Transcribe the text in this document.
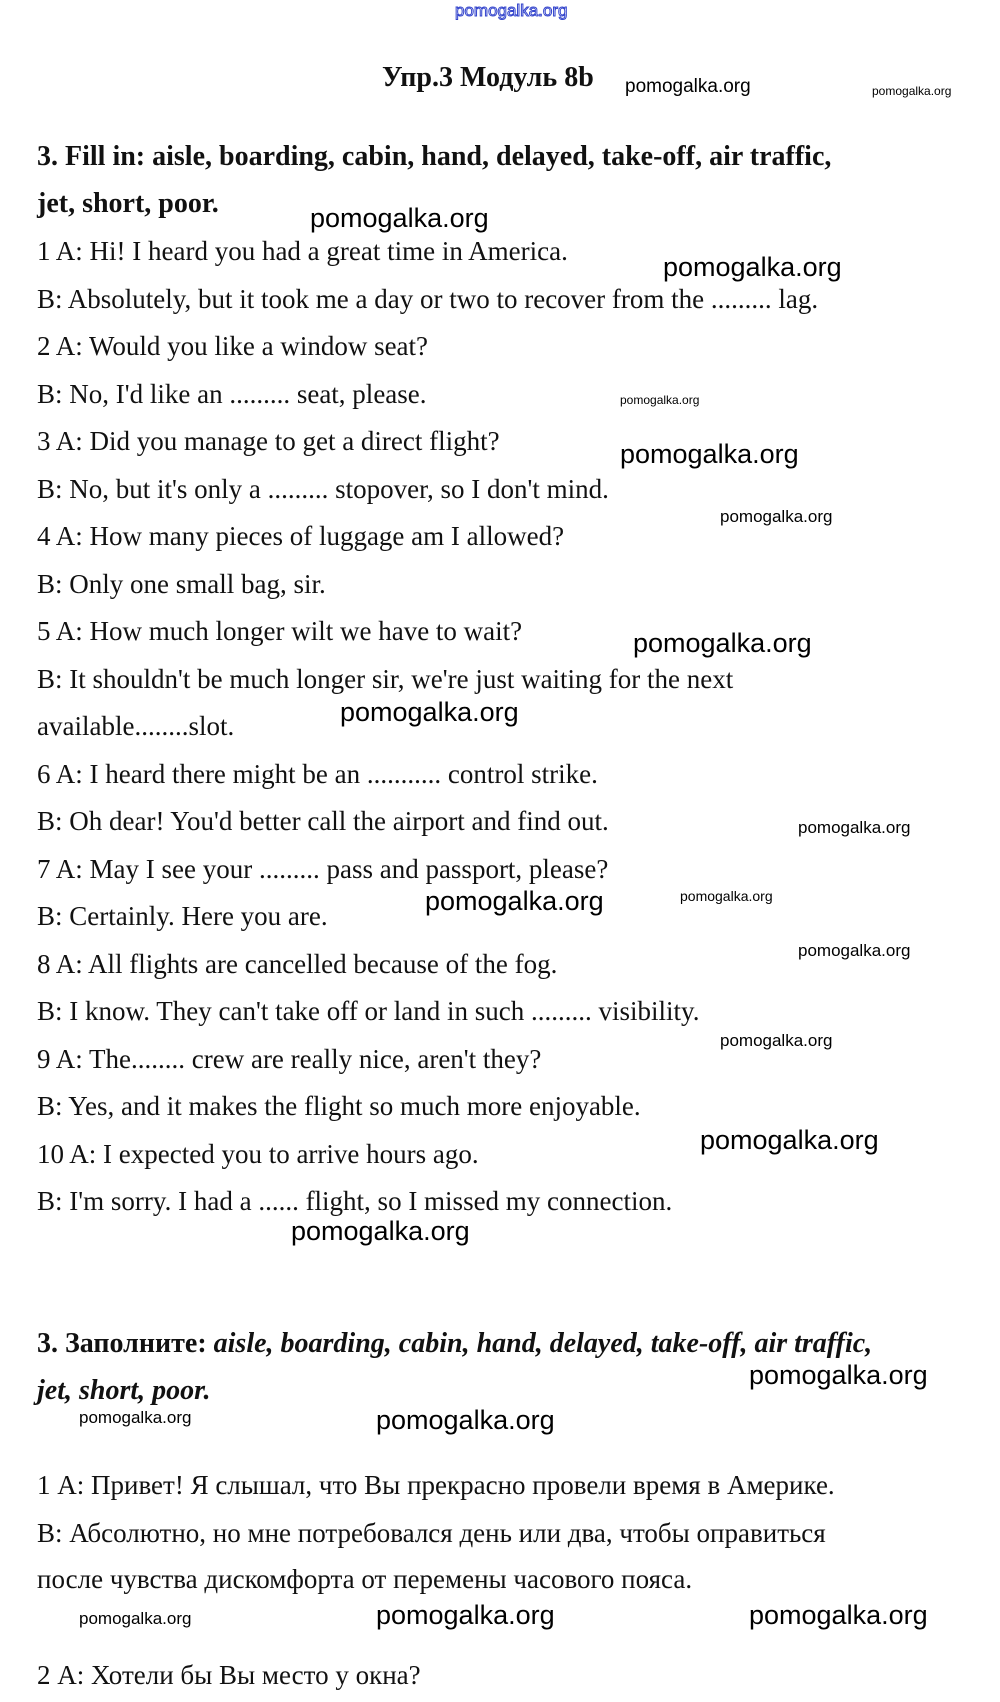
pomogalka.org
Упр.3 Модуль 8b
3. Fill in: aisle, boarding, cabin, hand, delayed, take-off, air traffic,
jet, short, poor.
1 A: Hi! I heard you had a great time in America.
B: Absolutely, but it took me a day or two to recover from the ......... lag.
2 A: Would you like a window seat?
B: No, I'd like an ......... seat, please.
3 A: Did you manage to get a direct flight?
B: No, but it's only a ......... stopover, so I don't mind.
4 A: How many pieces of luggage am I allowed?
B: Only one small bag, sir.
5 A: How much longer wilt we have to wait?
B: It shouldn't be much longer sir, we're just waiting for the next
available........slot.
6 A: I heard there might be an ........... control strike.
B: Oh dear! You'd better call the airport and find out.
7 A: May I see your ......... pass and passport, please?
B: Certainly. Here you are.
8 A: All flights are cancelled because of the fog.
B: I know. They can't take off or land in such ......... visibility.
9 A: The........ crew are really nice, aren't they?
B: Yes, and it makes the flight so much more enjoyable.
10 A: I expected you to arrive hours ago.
B: I'm sorry. I had a ...... flight, so I missed my connection.
3. Заполните: aisle, boarding, cabin, hand, delayed, take-off, air traffic,
jet, short, poor.
1 А: Привет! Я слышал, что Вы прекрасно провели время в Америке.
В: Абсолютно, но мне потребовался день или два, чтобы оправиться
после чувства дискомфорта от перемены часового пояса.
2 А: Хотели бы Вы место у окна?
pomogalka.org	pomogalka.org
pomogalka.org
pomogalka.org
pomogalka.org
pomogalka.org
pomogalka.org
pomogalka.org
pomogalka.org
pomogalka.org
pomogalka.org
pomogalka.org
pomogalka.org
pomogalka.org
pomogalka.org
pomogalka.org
pomogalka.org
pomogalka.org	pomogalka.org
pomogalka.org	pomogalka.org	pomogalka.org
